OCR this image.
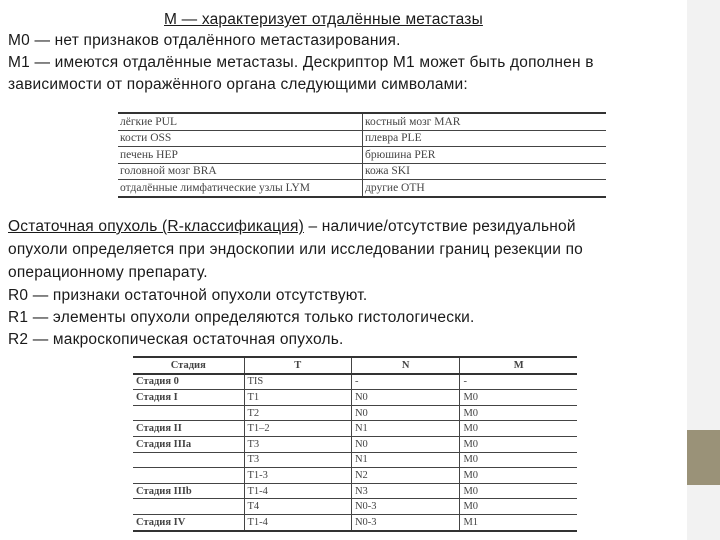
М — характеризует отдалённые метастазы
М0 — нет признаков отдалённого метастазирования.
М1 — имеются отдалённые метастазы. Дескриптор М1 может быть дополнен в
зависимости от поражённого органа следующими символами:
лёгкие PUL	костный мозг MAR
кости OSS	плевра PLE
печень HEP	брюшина PER
головной мозг BRA	кожа SKI
отдалённые лимфатические узлы LYM	другие OTH
Остаточная опухоль (R-классификация) – наличие/отсутствие резидуальной
опухоли определяется при эндоскопии или исследовании границ резекции по
операционному препарату.
R0 — признаки остаточной опухоли отсутствуют.
R1 — элементы опухоли определяются только гистологически.
R2 — макроскопическая остаточная опухоль.
Стадия	T	N	M
Стадия 0	TIS	-	-
Стадия I	T1	N0	M0
	T2	N0	M0
Стадия II	T1–2	N1	M0
Стадия IIIa	T3	N0	M0
	T3	N1	M0
	T1-3	N2	M0
Стадия IIIb	T1-4	N3	M0
	T4	N0-3	M0
Стадия IV	T1-4	N0-3	M1
